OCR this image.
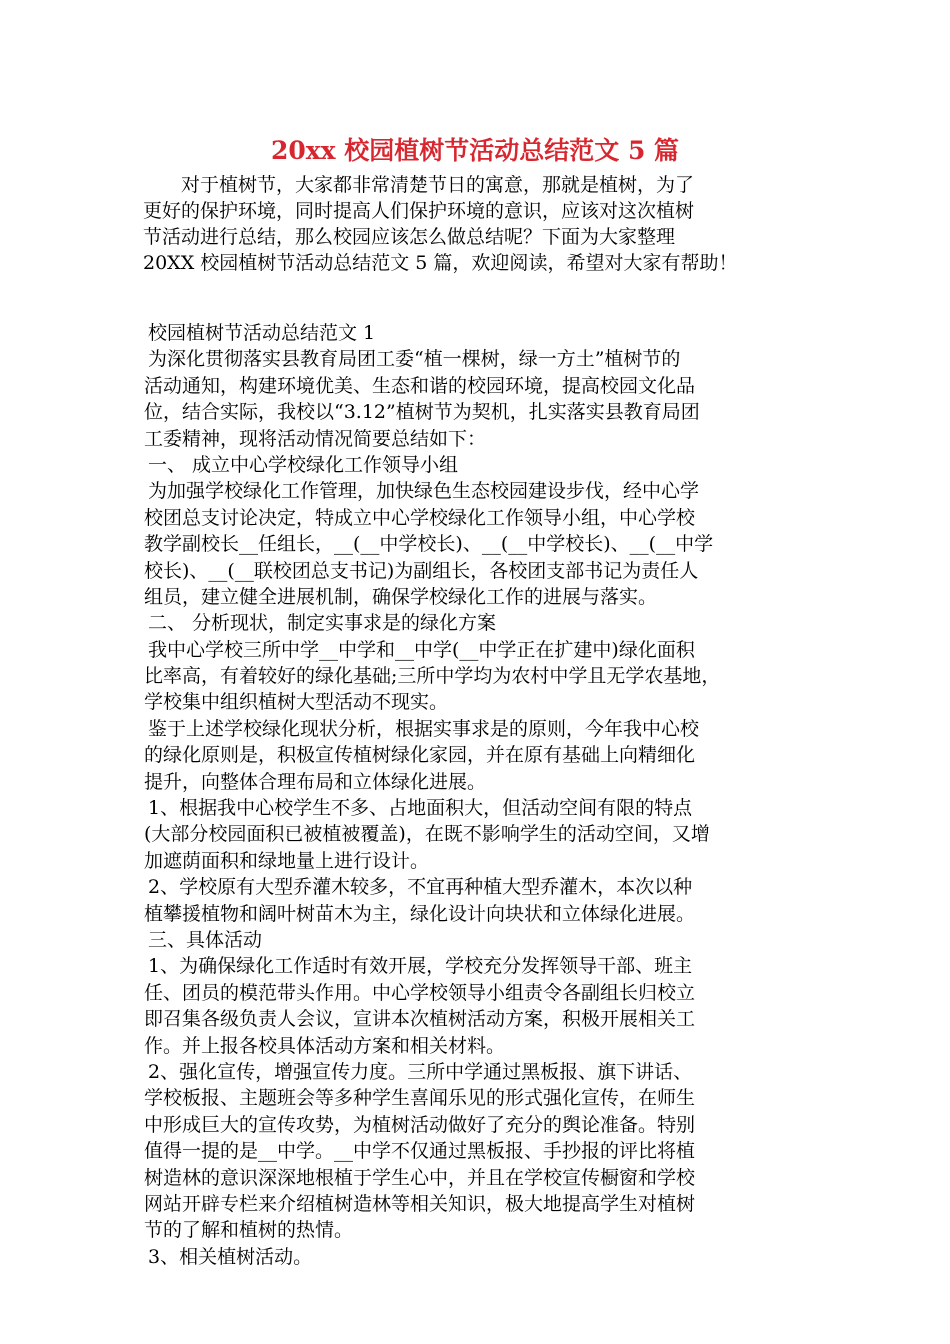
20xx 校园植树节活动总结范文 5 篇
对于植树节，大家都非常清楚节日的寓意，那就是植树，为了
更好的保护环境，同时提高人们保护环境的意识，应该对这次植树
节活动进行总结，那么校园应该怎么做总结呢？下面为大家整理
20XX 校园植树节活动总结范文 5 篇，欢迎阅读，希望对大家有帮助！
校园植树节活动总结范文 1
为深化贯彻落实县教育局团工委“植一棵树，绿一方土”植树节的
活动通知，构建环境优美、生态和谐的校园环境，提高校园文化品
位，结合实际，我校以“3.12”植树节为契机，扎实落实县教育局团
工委精神，现将活动情况简要总结如下：
一、 成立中心学校绿化工作领导小组
为加强学校绿化工作管理，加快绿色生态校园建设步伐，经中心学
校团总支讨论决定，特成立中心学校绿化工作领导小组，中心学校
教学副校长__任组长，__(__中学校长)、__(__中学校长)、__(__中学
校长)、__(__联校团总支书记)为副组长，各校团支部书记为责任人
组员，建立健全进展机制，确保学校绿化工作的进展与落实。
二、 分析现状，制定实事求是的绿化方案
我中心学校三所中学__中学和__中学(__中学正在扩建中)绿化面积
比率高，有着较好的绿化基础;三所中学均为农村中学且无学农基地，
学校集中组织植树大型活动不现实。
鉴于上述学校绿化现状分析，根据实事求是的原则，今年我中心校
的绿化原则是，积极宣传植树绿化家园，并在原有基础上向精细化
提升，向整体合理布局和立体绿化进展。
1、根据我中心校学生不多、占地面积大，但活动空间有限的特点
(大部分校园面积已被植被覆盖)，在既不影响学生的活动空间，又增
加遮荫面积和绿地量上进行设计。
2、学校原有大型乔灌木较多，不宜再种植大型乔灌木，本次以种
植攀援植物和阔叶树苗木为主，绿化设计向块状和立体绿化进展。
三、具体活动
1、为确保绿化工作适时有效开展，学校充分发挥领导干部、班主
任、团员的模范带头作用。中心学校领导小组责令各副组长归校立
即召集各级负责人会议，宣讲本次植树活动方案，积极开展相关工
作。并上报各校具体活动方案和相关材料。
2、强化宣传，增强宣传力度。三所中学通过黑板报、旗下讲话、
学校板报、主题班会等多种学生喜闻乐见的形式强化宣传，在师生
中形成巨大的宣传攻势，为植树活动做好了充分的舆论准备。特别
值得一提的是__中学。__中学不仅通过黑板报、手抄报的评比将植
树造林的意识深深地根植于学生心中，并且在学校宣传橱窗和学校
网站开辟专栏来介绍植树造林等相关知识，极大地提高学生对植树
节的了解和植树的热情。
3、相关植树活动。
